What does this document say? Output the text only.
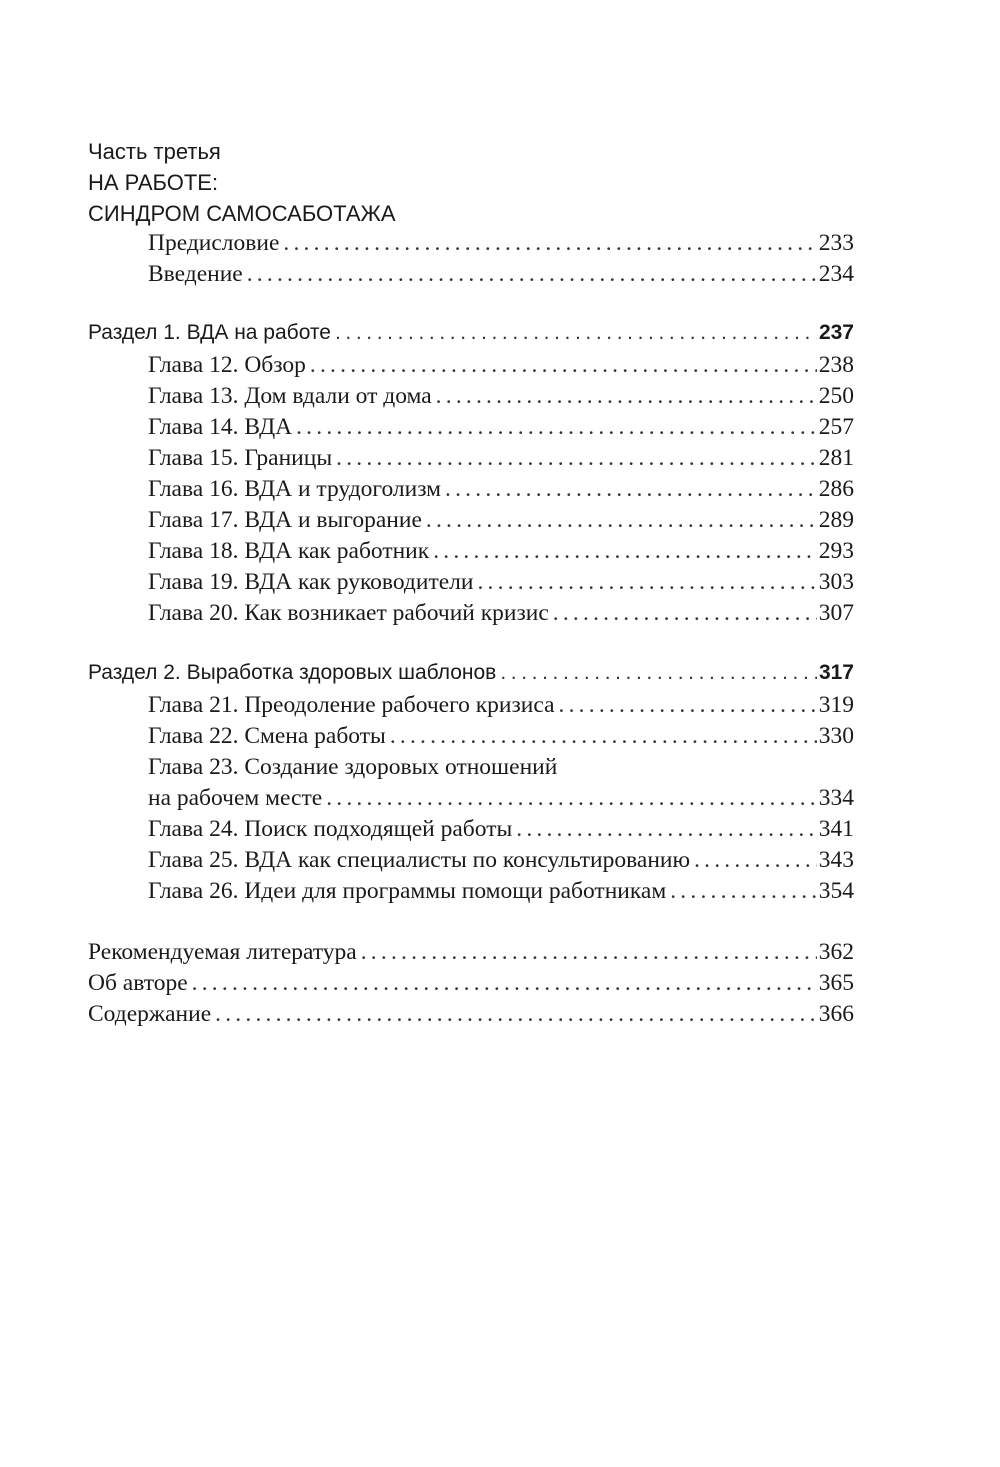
Часть третья
НА РАБОТЕ:
СИНДРОМ САМОСАБОТАЖА
Предисловие .....	233
Введение .....	234
Раздел 1. ВДА на работе .....	237
Глава 12. Обзор .....	238
Глава 13. Дом вдали от дома .....	250
Глава 14. ВДА .....	257
Глава 15. Границы .....	281
Глава 16. ВДА и трудоголизм .....	286
Глава 17. ВДА и выгорание .....	289
Глава 18. ВДА как работник .....	293
Глава 19. ВДА как руководители .....	303
Глава 20. Как возникает рабочий кризис .....	307
Раздел 2. Выработка здоровых шаблонов .....	317
Глава 21. Преодоление рабочего кризиса .....	319
Глава 22. Смена работы .....	330
Глава 23. Создание здоровых отношений
на рабочем месте .....	334
Глава 24. Поиск подходящей работы .....	341
Глава 25. ВДА как специалисты по консультированию .....	343
Глава 26. Идеи для программы помощи работникам .....	354
Рекомендуемая литература .....	362
Об авторе .....	365
Содержание .....	366
